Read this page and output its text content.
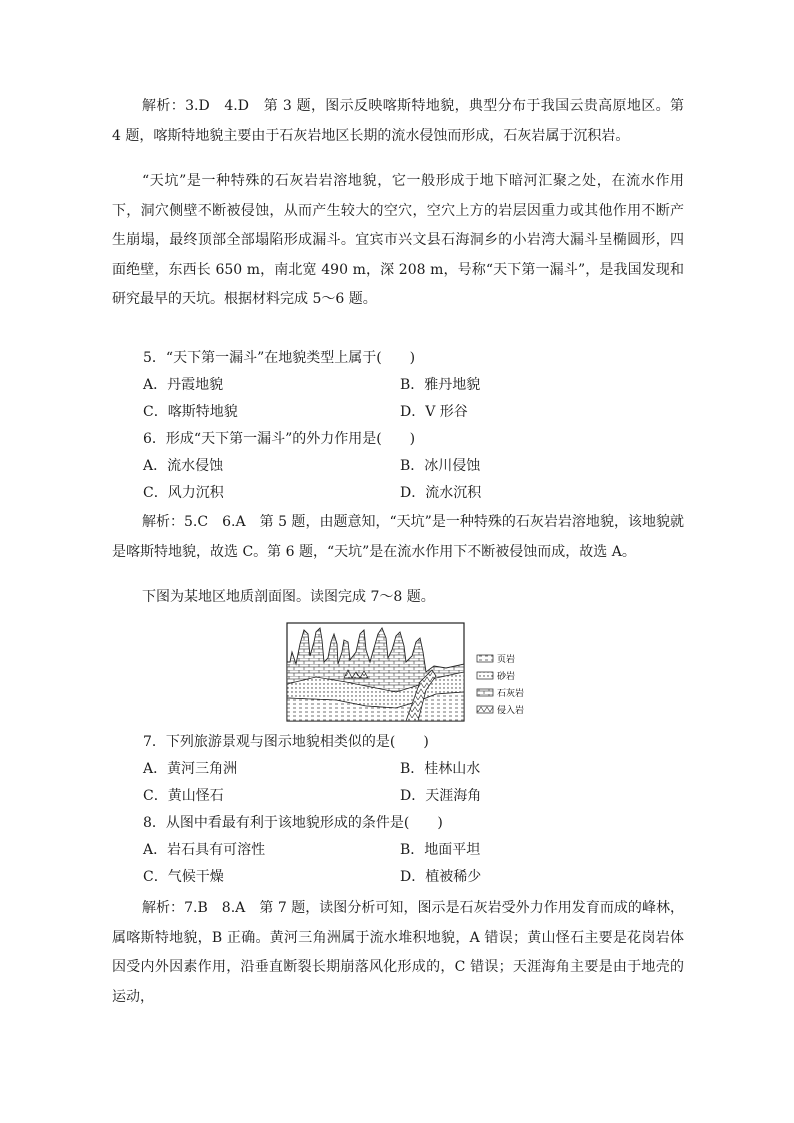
解析：3.D　4.D　第 3 题，图示反映喀斯特地貌，典型分布于我国云贵高原地区。第 4 题，喀斯特地貌主要由于石灰岩地区长期的流水侵蚀而形成，石灰岩属于沉积岩。
“天坑”是一种特殊的石灰岩岩溶地貌，它一般形成于地下暗河汇聚之处，在流水作用下，洞穴侧壁不断被侵蚀，从而产生较大的空穴，空穴上方的岩层因重力或其他作用不断产生崩塌，最终顶部全部塌陷形成漏斗。宜宾市兴文县石海洞乡的小岩湾大漏斗呈椭圆形，四面绝壁，东西长 650 m，南北宽 490 m，深 208 m，号称“天下第一漏斗”，是我国发现和研究最早的天坑。根据材料完成 5～6 题。
5．“天下第一漏斗”在地貌类型上属于(　　)
A．丹霞地貌	B．雅丹地貌
C．喀斯特地貌	D．V 形谷
6．形成“天下第一漏斗”的外力作用是(　　)
A．流水侵蚀	B．冰川侵蚀
C．风力沉积	D．流水沉积
解析：5.C　6.A　第 5 题，由题意知，“天坑”是一种特殊的石灰岩岩溶地貌，该地貌就是喀斯特地貌，故选 C。第 6 题，“天坑”是在流水作用下不断被侵蚀而成，故选 A。
下图为某地区地质剖面图。读图完成 7～8 题。
页岩
砂岩
石灰岩
侵入岩
7．下列旅游景观与图示地貌相类似的是(　　)
A．黄河三角洲	B．桂林山水
C．黄山怪石	D．天涯海角
8．从图中看最有利于该地貌形成的条件是(　　)
A．岩石具有可溶性	B．地面平坦
C．气候干燥	D．植被稀少
解析：7.B　8.A　第 7 题，读图分析可知，图示是石灰岩受外力作用发育而成的峰林，属喀斯特地貌，B 正确。黄河三角洲属于流水堆积地貌，A 错误；黄山怪石主要是花岗岩体因受内外因素作用，沿垂直断裂长期崩落风化形成的，C 错误；天涯海角主要是由于地壳的运动，
